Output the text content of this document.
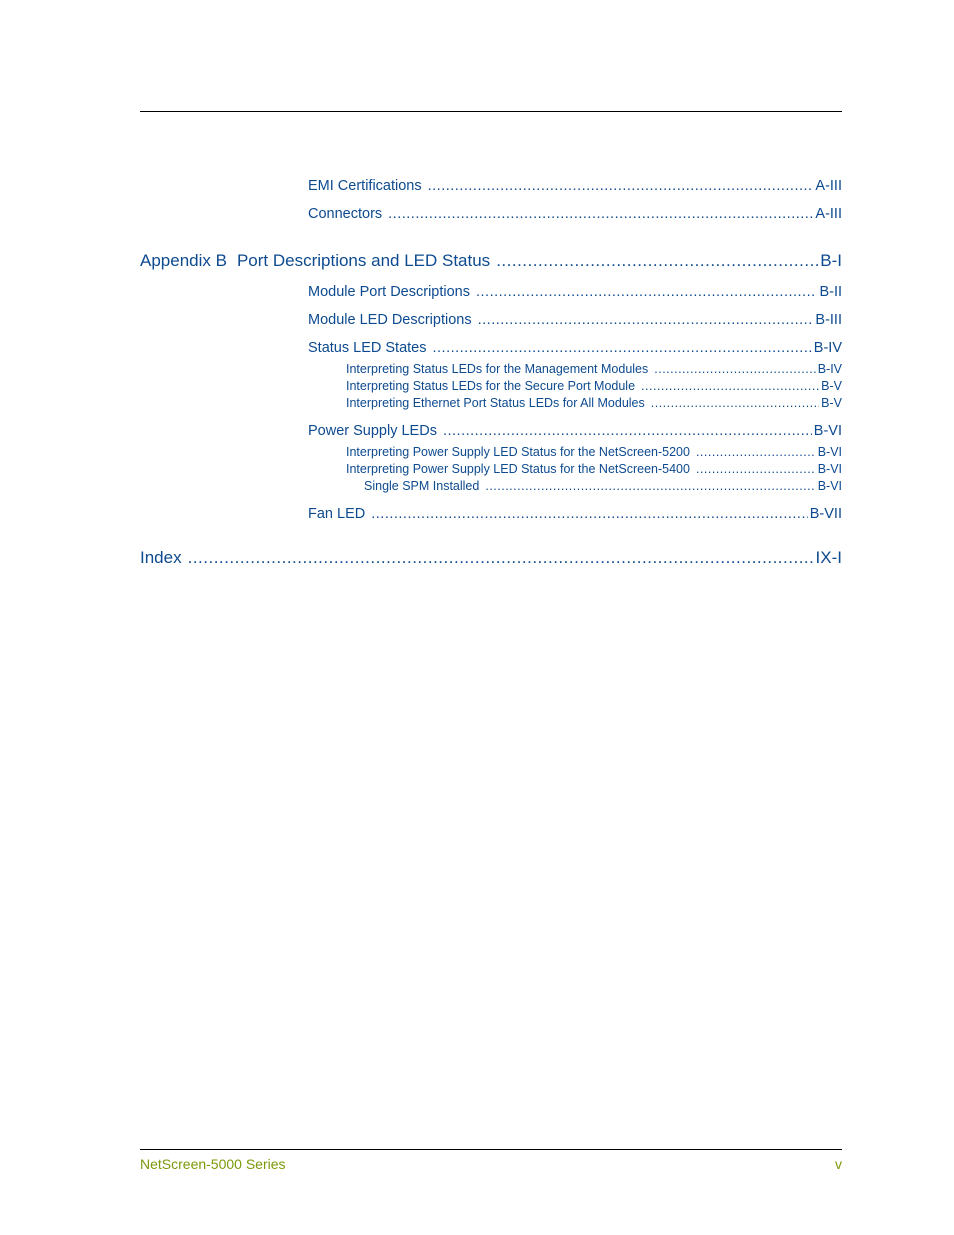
EMI Certifications .....	A-III
Connectors .....	A-III
Appendix B Port Descriptions and LED Status .....	B-I
Module Port Descriptions .....	B-II
Module LED Descriptions .....	B-III
Status LED States .....	B-IV
Interpreting Status LEDs for the Management Modules .....	B-IV
Interpreting Status LEDs for the Secure Port Module .....	B-V
Interpreting Ethernet Port Status LEDs for All Modules .....	B-V
Power Supply LEDs .....	B-VI
Interpreting Power Supply LED Status for the NetScreen-5200 .....	B-VI
Interpreting Power Supply LED Status for the NetScreen-5400 .....	B-VI
Single SPM Installed .....	B-VI
Fan LED .....	B-VII
Index .....	IX-I
NetScreen-5000 Series	v
